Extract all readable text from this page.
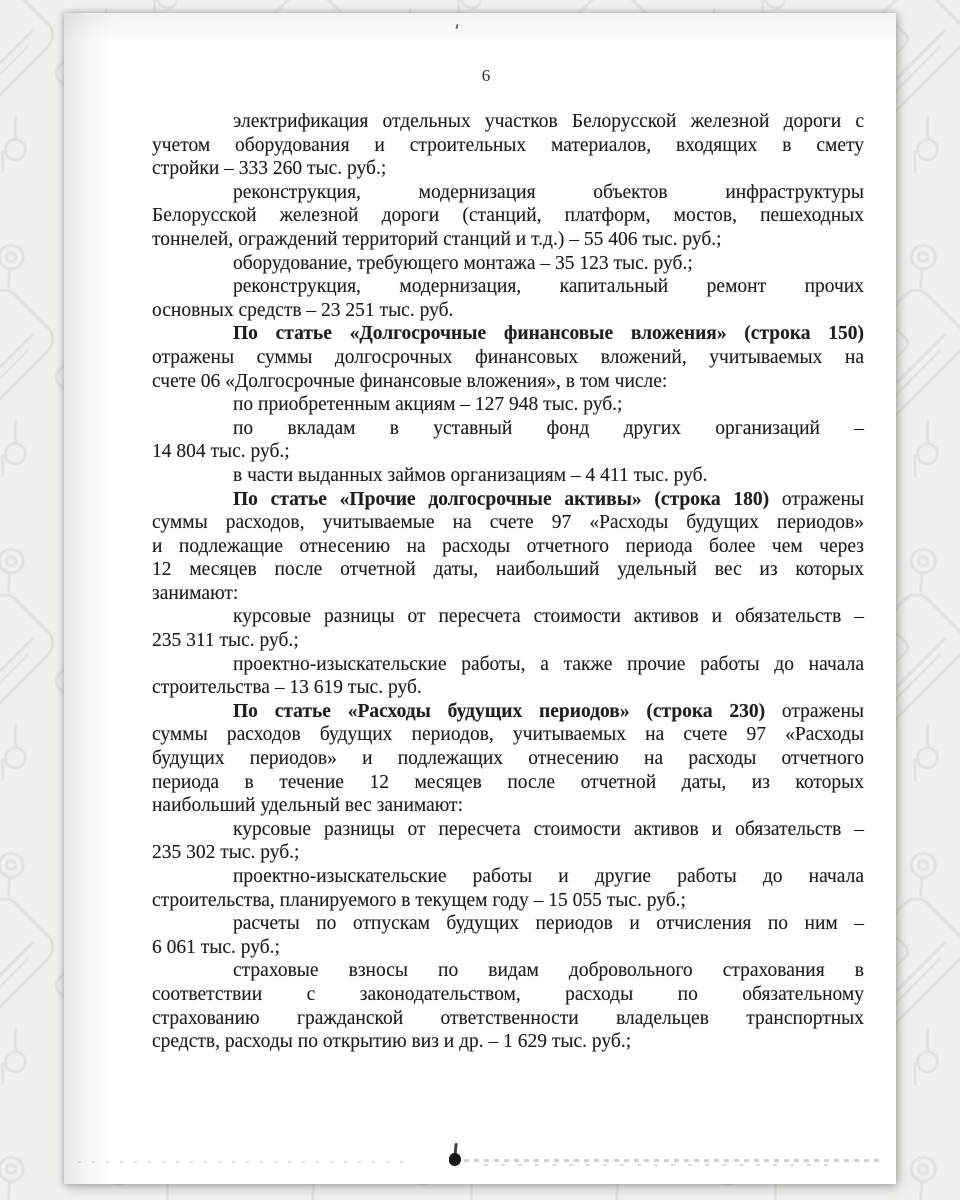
6
электрификация отдельных участков Белорусской железной дороги с
учетом оборудования и строительных материалов, входящих в смету
стройки – 333 260 тыс. руб.;
реконструкция, модернизация объектов инфраструктуры
Белорусской железной дороги (станций, платформ, мостов, пешеходных
тоннелей, ограждений территорий станций и т.д.) – 55 406 тыс. руб.;
оборудование, требующего монтажа – 35 123 тыс. руб.;
реконструкция, модернизация, капитальный ремонт прочих
основных средств – 23 251 тыс. руб.
По статье «Долгосрочные финансовые вложения» (строка 150)
отражены суммы долгосрочных финансовых вложений, учитываемых на
счете 06 «Долгосрочные финансовые вложения», в том числе:
по приобретенным акциям – 127 948 тыс. руб.;
по вкладам в уставный фонд других организаций –
14 804 тыс. руб.;
в части выданных займов организациям – 4 411 тыс. руб.
По статье «Прочие долгосрочные активы» (строка 180) отражены
суммы расходов, учитываемые на счете 97 «Расходы будущих периодов»
и подлежащие отнесению на расходы отчетного периода более чем через
12 месяцев после отчетной даты, наибольший удельный вес из которых
занимают:
курсовые разницы от пересчета стоимости активов и обязательств –
235 311 тыс. руб.;
проектно-изыскательские работы, а также прочие работы до начала
строительства – 13 619 тыс. руб.
По статье «Расходы будущих периодов» (строка 230) отражены
суммы расходов будущих периодов, учитываемых на счете 97 «Расходы
будущих периодов» и подлежащих отнесению на расходы отчетного
периода в течение 12 месяцев после отчетной даты, из которых
наибольший удельный вес занимают:
курсовые разницы от пересчета стоимости активов и обязательств –
235 302 тыс. руб.;
проектно-изыскательские работы и другие работы до начала
строительства, планируемого в текущем году – 15 055 тыс. руб.;
расчеты по отпускам будущих периодов и отчисления по ним –
6 061 тыс. руб.;
страховые взносы по видам добровольного страхования в
соответствии с законодательством, расходы по обязательному
страхованию гражданской ответственности владельцев транспортных
средств, расходы по открытию виз и др. – 1 629 тыс. руб.;
